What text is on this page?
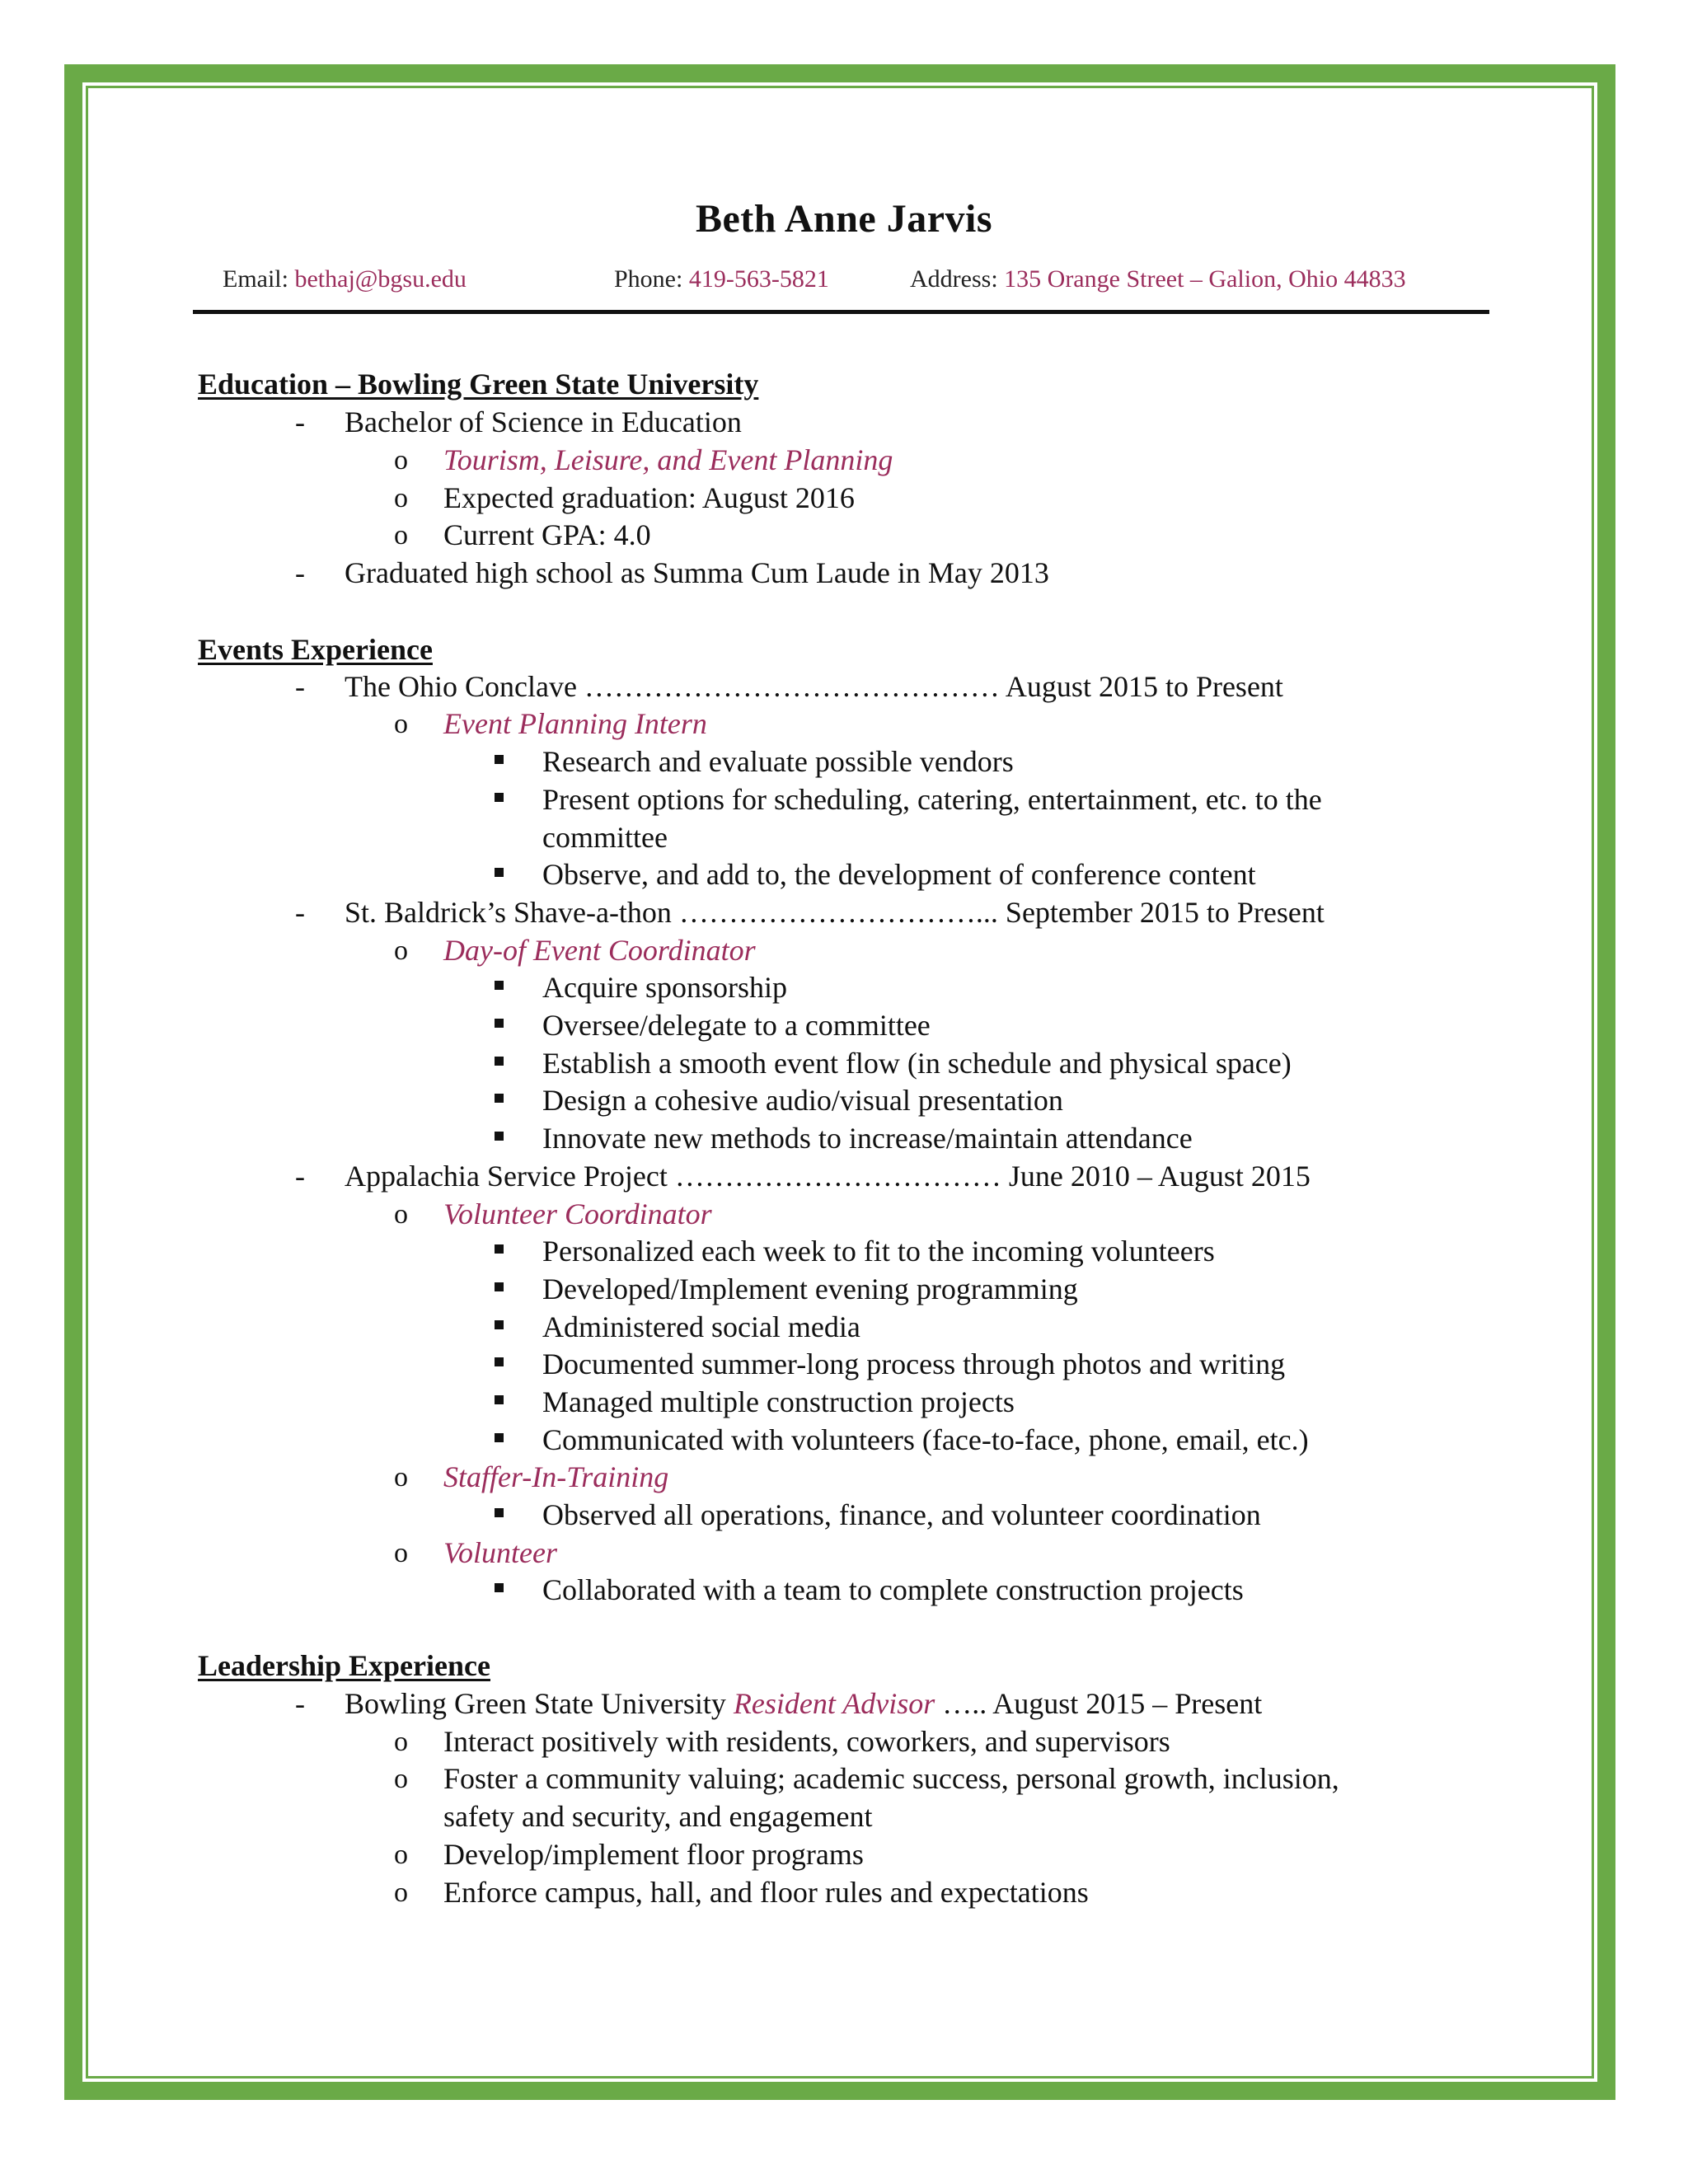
Beth Anne Jarvis
Email: bethaj@bgsu.edu	Phone: 419-563-5821	Address: 135 Orange Street – Galion, Ohio 44833
Education – Bowling Green State University
- Bachelor of Science in Education
o Tourism, Leisure, and Event Planning
o Expected graduation: August 2016
o Current GPA: 4.0
- Graduated high school as Summa Cum Laude in May 2013
Events Experience
- The Ohio Conclave …………………………………… August 2015 to Present
o Event Planning Intern
Research and evaluate possible vendors
Present options for scheduling, catering, entertainment, etc. to the
committee
Observe, and add to, the development of conference content
- St. Baldrick’s Shave-a-thon …………………………... September 2015 to Present
o Day-of Event Coordinator
Acquire sponsorship
Oversee/delegate to a committee
Establish a smooth event flow (in schedule and physical space)
Design a cohesive audio/visual presentation
Innovate new methods to increase/maintain attendance
- Appalachia Service Project …………………………… June 2010 – August 2015
o Volunteer Coordinator
Personalized each week to fit to the incoming volunteers
Developed/Implement evening programming
Administered social media
Documented summer-long process through photos and writing
Managed multiple construction projects
Communicated with volunteers (face-to-face, phone, email, etc.)
o Staffer-In-Training
Observed all operations, finance, and volunteer coordination
o Volunteer
Collaborated with a team to complete construction projects
Leadership Experience
- Bowling Green State University Resident Advisor ….. August 2015 – Present
o Interact positively with residents, coworkers, and supervisors
o Foster a community valuing; academic success, personal growth, inclusion,
safety and security, and engagement
o Develop/implement floor programs
o Enforce campus, hall, and floor rules and expectations
